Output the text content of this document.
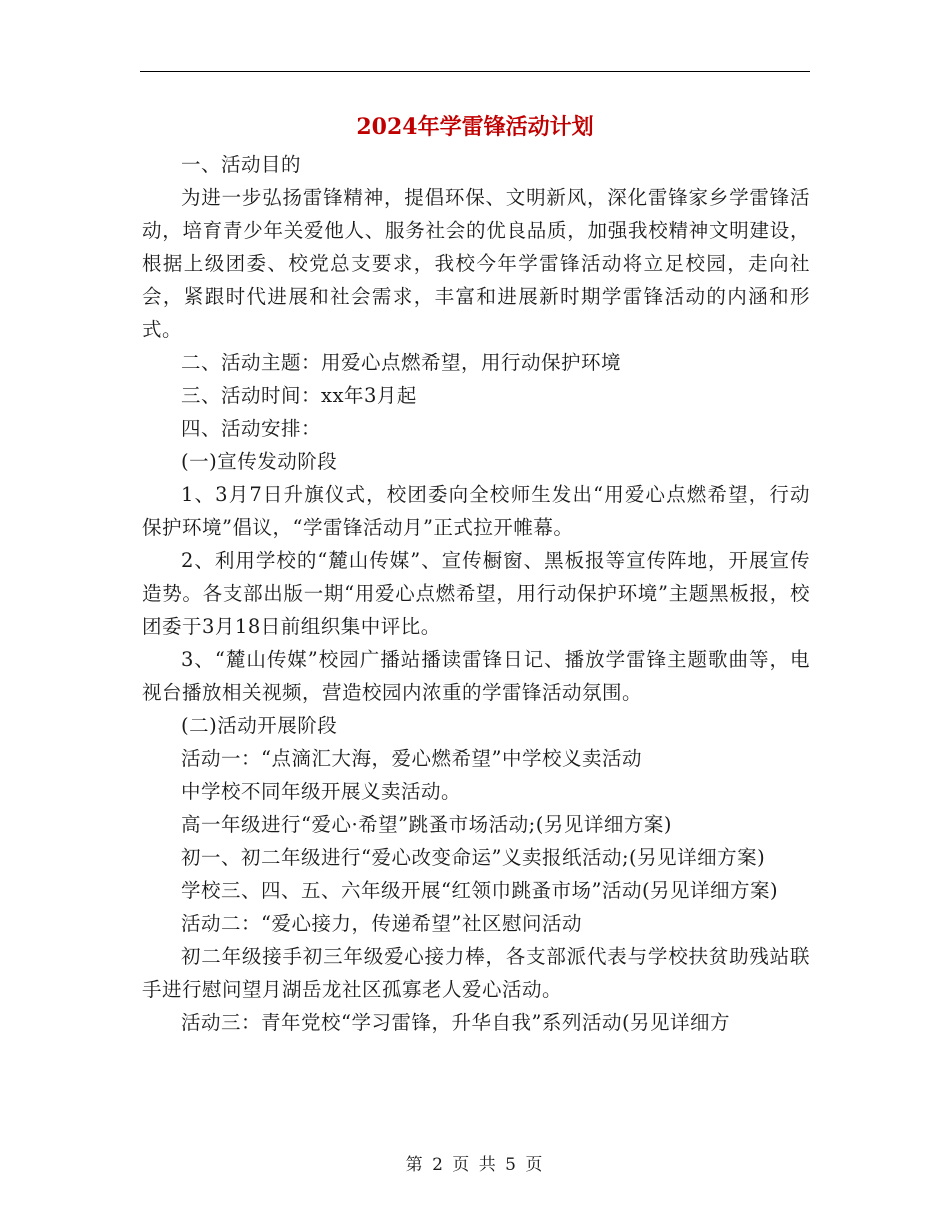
2024年学雷锋活动计划

一、活动目的

为进一步弘扬雷锋精神，提倡环保、文明新风，深化雷锋家乡学雷锋活动，培育青少年关爱他人、服务社会的优良品质，加强我校精神文明建设，根据上级团委、校党总支要求，我校今年学雷锋活动将立足校园，走向社会，紧跟时代进展和社会需求，丰富和进展新时期学雷锋活动的内涵和形式。

二、活动主题：用爱心点燃希望，用行动保护环境

三、活动时间：xx年3月起

四、活动安排：

(一)宣传发动阶段

1、3月7日升旗仪式，校团委向全校师生发出“用爱心点燃希望，行动保护环境”倡议，“学雷锋活动月”正式拉开帷幕。

2、利用学校的“麓山传媒”、宣传橱窗、黑板报等宣传阵地，开展宣传造势。各支部出版一期“用爱心点燃希望，用行动保护环境”主题黑板报，校团委于3月18日前组织集中评比。

3、“麓山传媒”校园广播站播读雷锋日记、播放学雷锋主题歌曲等，电视台播放相关视频，营造校园内浓重的学雷锋活动氛围。

(二)活动开展阶段

活动一：“点滴汇大海，爱心燃希望”中学校义卖活动

中学校不同年级开展义卖活动。

高一年级进行“爱心·希望”跳蚤市场活动;(另见详细方案)

初一、初二年级进行“爱心改变命运”义卖报纸活动;(另见详细方案)

学校三、四、五、六年级开展“红领巾跳蚤市场”活动(另见详细方案)

活动二：“爱心接力，传递希望”社区慰问活动

初二年级接手初三年级爱心接力棒，各支部派代表与学校扶贫助残站联手进行慰问望月湖岳龙社区孤寡老人爱心活动。

活动三：青年党校“学习雷锋，升华自我”系列活动(另见详细方

第 2 页 共 5 页
